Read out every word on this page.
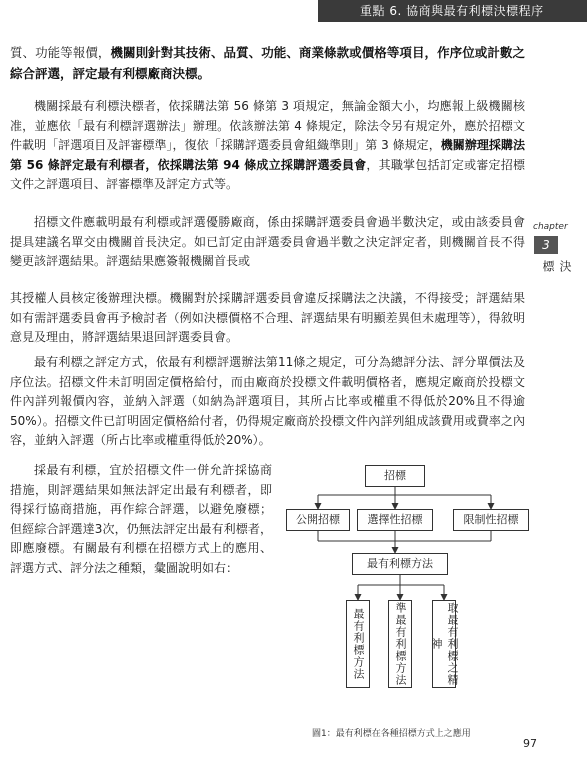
重點 6. 協商與最有利標決標程序
質、功能等報價，機關則針對其技術、品質、功能、商業條款或價格等項目，作序位或計數之綜合評選，評定最有利標廠商決標。
機關採最有利標決標者，依採購法第 56 條第 3 項規定，無論金額大小，均應報上級機關核准，並應依「最有利標評選辦法」辦理。依該辦法第 4 條規定，除法令另有規定外，應於招標文件載明「評選項目及評審標準」，復依「採購評選委員會組織準則」第 3 條規定，機關辦理採購法第 56 條評定最有利標者，依採購法第 94 條成立採購評選委員會，其職掌包括訂定或審定招標文件之評選項目、評審標準及評定方式等。
招標文件應載明最有利標或評選優勝廠商，係由採購評選委員會過半數決定，或由該委員會提具建議名單交由機關首長決定。如已訂定由評選委員會過半數之決定評定者，則機關首長不得變更該評選結果。評選結果應簽報機關首長或
其授權人員核定後辦理決標。機關對於採購評選委員會違反採購法之決議，不得接受；評選結果如有需評選委員會再予檢討者（例如決標價格不合理、評選結果有明顯差異但未處理等），得敘明意見及理由，將評選結果退回評選委員會。
最有利標之評定方式，依最有利標評選辦法第11條之規定，可分為總評分法、評分單價法及序位法。招標文件未訂明固定價格給付，而由廠商於投標文件載明價格者，應規定廠商於投標文件內詳列報價內容，並納入評選（如納為評選項目，其所占比率或權重不得低於20%且不得逾50%）。招標文件已訂明固定價格給付者，仍得規定廠商於投標文件內詳列組成該費用或費率之內容，並納入評選（所占比率或權重得低於20%）。
採最有利標，宜於招標文件一併允許採協商措施，則評選結果如無法評定出最有利標者，即得採行協商措施，再作綜合評選，以避免廢標；但經綜合評選達3次，仍無法評定出最有利標者，即應廢標。有關最有利標在招標方式上的應用、評選方式、評分法之種類，彙圖說明如右：
chapter
3
決標
招標
公開招標	選擇性招標	限制性招標
最有利標方法
最有利標方法	準最有利標方法	取最有利標之精神
圖1：最有利標在各種招標方式上之應用
97
